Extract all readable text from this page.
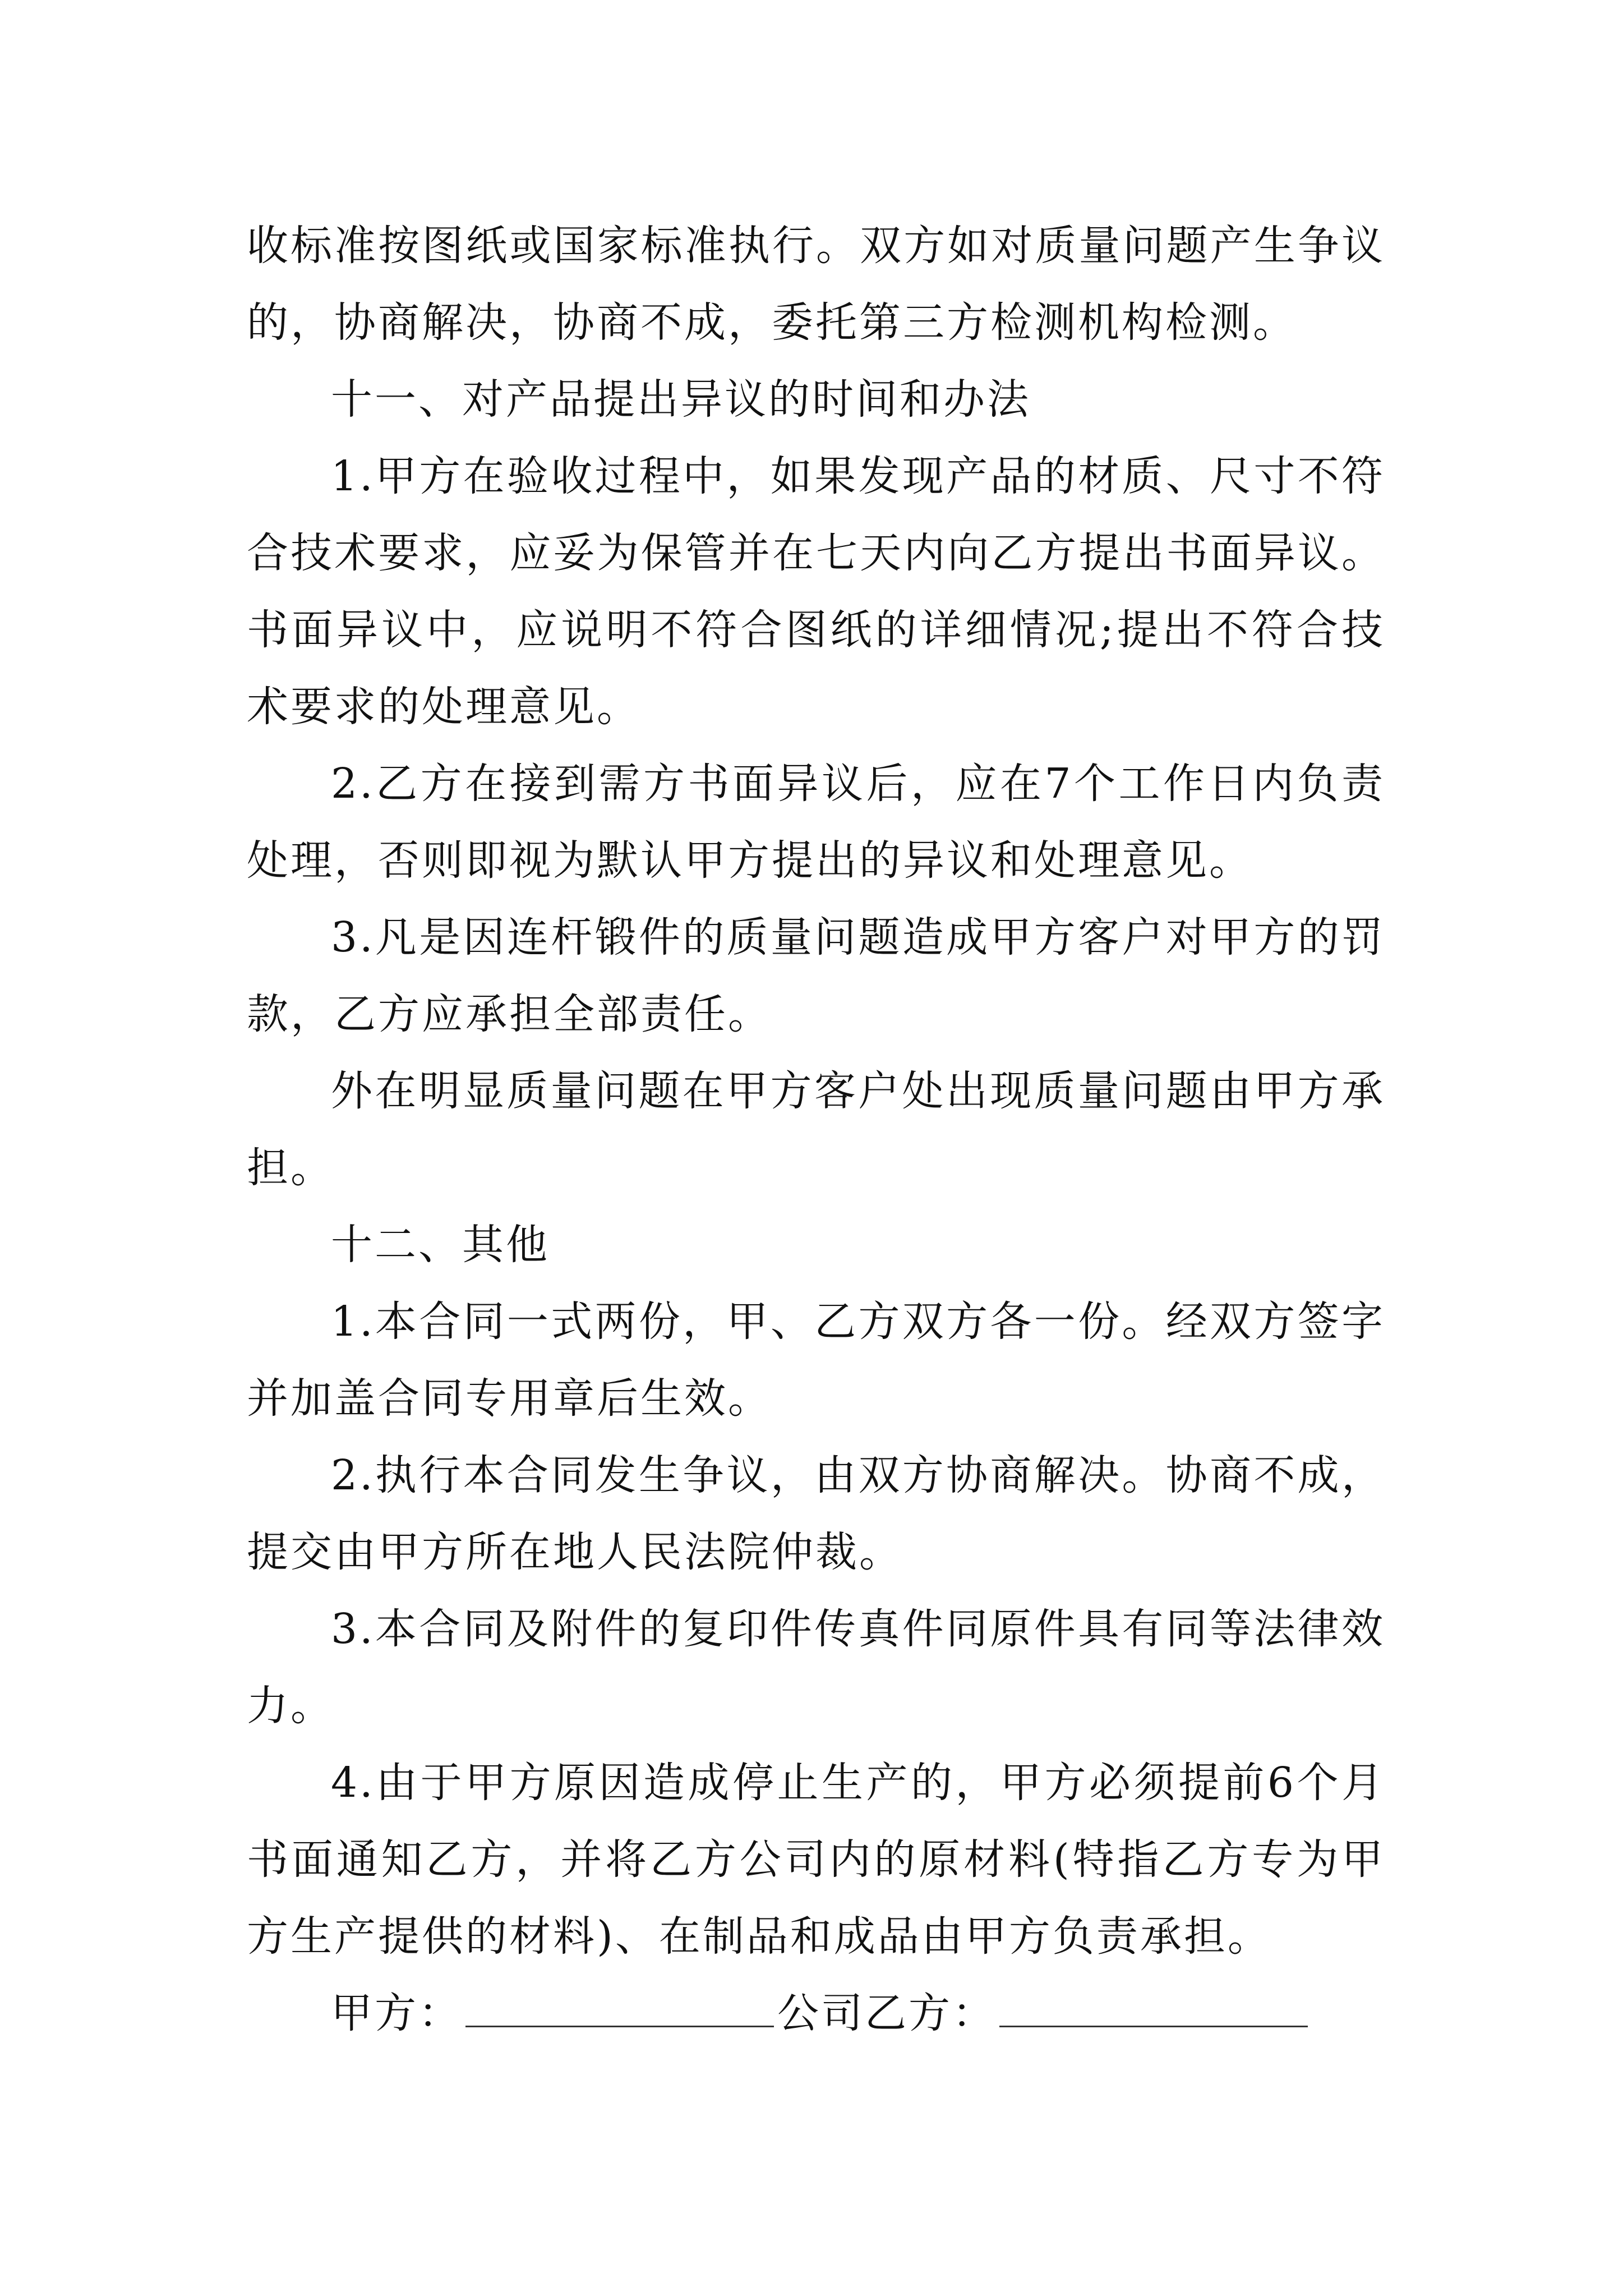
收标准按图纸或国家标准执行。双方如对质量问题产生争议的，协商解决，协商不成，委托第三方检测机构检测。

十一、对产品提出异议的时间和办法

1.甲方在验收过程中，如果发现产品的材质、尺寸不符合技术要求，应妥为保管并在七天内向乙方提出书面异议。书面异议中，应说明不符合图纸的详细情况;提出不符合技术要求的处理意见。

2.乙方在接到需方书面异议后，应在7个工作日内负责处理，否则即视为默认甲方提出的异议和处理意见。

3.凡是因连杆锻件的质量问题造成甲方客户对甲方的罚款，乙方应承担全部责任。

外在明显质量问题在甲方客户处出现质量问题由甲方承担。

十二、其他

1.本合同一式两份，甲、乙方双方各一份。经双方签字并加盖合同专用章后生效。

2.执行本合同发生争议，由双方协商解决。协商不成，提交由甲方所在地人民法院仲裁。

3.本合同及附件的复印件传真件同原件具有同等法律效力。

4.由于甲方原因造成停止生产的，甲方必须提前6个月书面通知乙方，并将乙方公司内的原材料(特指乙方专为甲方生产提供的材料)、在制品和成品由甲方负责承担。

甲方：	公司乙方：
